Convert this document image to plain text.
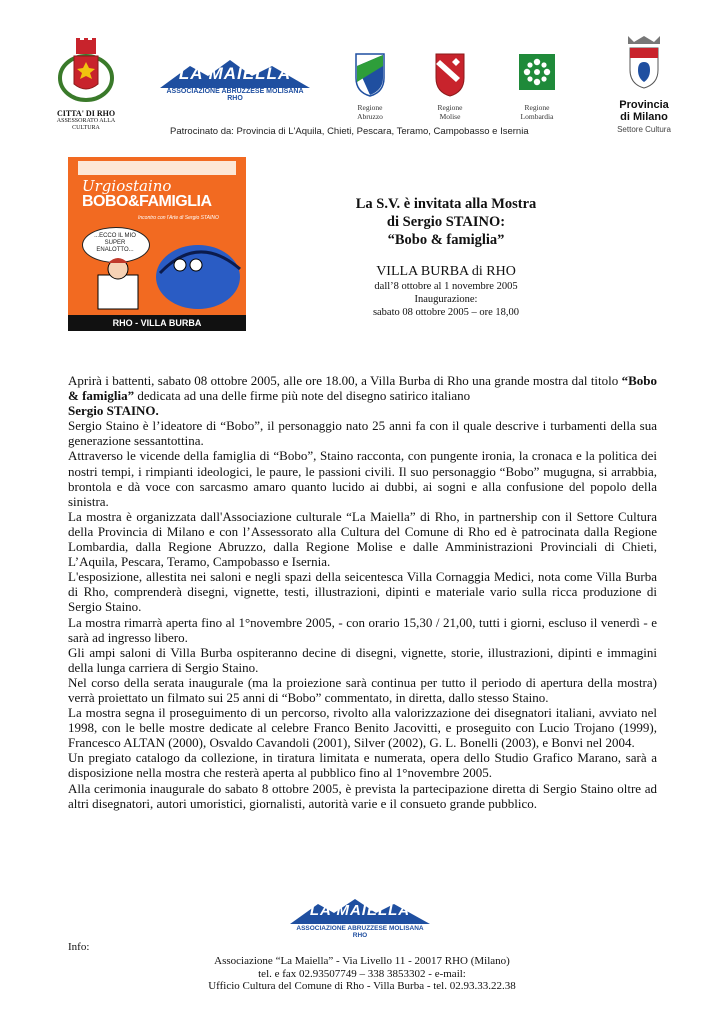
CITTA' DI RHO
ASSESSORATO ALLA CULTURA
LA MAIELLA
ASSOCIAZIONE ABRUZZESE MOLISANA RHO
Regione
Abruzzo
Regione
Molise
Regione
Lombardia
Provincia
di Milano
Settore Cultura
Patrocinato da: Provincia di L'Aquila, Chieti, Pescara, Teramo, Campobasso e Isernia
Urgiostaino
BOBO&FAMIGLIA
Incontro con l'Arte di Sergio STAINO
...ECCO IL MIO SUPER ENALOTTO...
RHO - VILLA BURBA
La S.V. è invitata alla Mostra
di Sergio STAINO:
“Bobo & famiglia”
VILLA BURBA di RHO
dall’8 ottobre al 1 novembre 2005
Inaugurazione:
sabato 08 ottobre 2005 – ore 18,00

Aprirà i battenti, sabato 08 ottobre 2005, alle ore 18.00, a Villa Burba di Rho una grande mostra dal titolo “Bobo & famiglia” dedicata ad una delle firme più note del disegno satirico italiano
Sergio STAINO.

Sergio Staino è l’ideatore di “Bobo”, il personaggio nato 25 anni fa con il quale descrive i turbamenti della sua generazione sessantottina.

Attraverso le vicende della famiglia di “Bobo”, Staino racconta, con pungente ironia, la cronaca e la politica dei nostri tempi, i rimpianti ideologici, le paure, le passioni civili. Il suo personaggio “Bobo” mugugna, si arrabbia, brontola e dà voce con sarcasmo amaro quanto lucido ai dubbi, ai sogni e alla confusione del popolo della sinistra.

La mostra è organizzata dall'Associazione culturale “La Maiella” di Rho, in partnership con il Settore Cultura della Provincia di Milano e con l’Assessorato alla Cultura del Comune di Rho ed è patrocinata dalla Regione Lombardia, dalla Regione Abruzzo, dalla Regione Molise e dalle Amministrazioni Provinciali di Chieti, L’Aquila, Pescara, Teramo, Campobasso e Isernia.

L'esposizione, allestita nei saloni e negli spazi della seicentesca Villa Cornaggia Medici, nota come Villa Burba di Rho, comprenderà disegni, vignette, testi, illustrazioni, dipinti e materiale vario sulla ricca produzione di Sergio Staino.

La mostra rimarrà aperta fino al 1°novembre 2005, - con orario 15,30 / 21,00, tutti i giorni, escluso il venerdì - e sarà ad ingresso libero.

Gli ampi saloni di Villa Burba ospiteranno decine di disegni, vignette, storie, illustrazioni, dipinti e immagini della lunga carriera di Sergio Staino.

Nel corso della serata inaugurale (ma la proiezione sarà continua per tutto il periodo di apertura della mostra) verrà proiettato un filmato sui 25 anni di “Bobo” commentato, in diretta, dallo stesso Staino.

La mostra segna il proseguimento di un percorso, rivolto alla valorizzazione dei disegnatori italiani, avviato nel 1998, con le belle mostre dedicate al celebre Franco Benito Jacovitti, e proseguito con Lucio Trojano (1999), Francesco ALTAN (2000), Osvaldo Cavandoli (2001), Silver (2002), G. L. Bonelli (2003), e Bonvi nel 2004.

Un pregiato catalogo da collezione, in tiratura limitata e numerata, opera dello Studio Grafico Marano, sarà a disposizione nella mostra che resterà aperta al pubblico fino al 1°novembre 2005.

Alla cerimonia inaugurale do sabato 8 ottobre 2005, è prevista la partecipazione diretta di Sergio Staino oltre ad altri disegnatori, autori umoristici, giornalisti, autorità varie e il consueto grande pubblico.

LA MAIELLA
ASSOCIAZIONE ABRUZZESE MOLISANA RHO
Info:
Associazione “La Maiella” - Via Livello 11 - 20017 RHO (Milano)
tel. e fax 02.93507749 – 338 3853302 - e-mail:
Ufficio Cultura del Comune di Rho - Villa Burba - tel. 02.93.33.22.38
